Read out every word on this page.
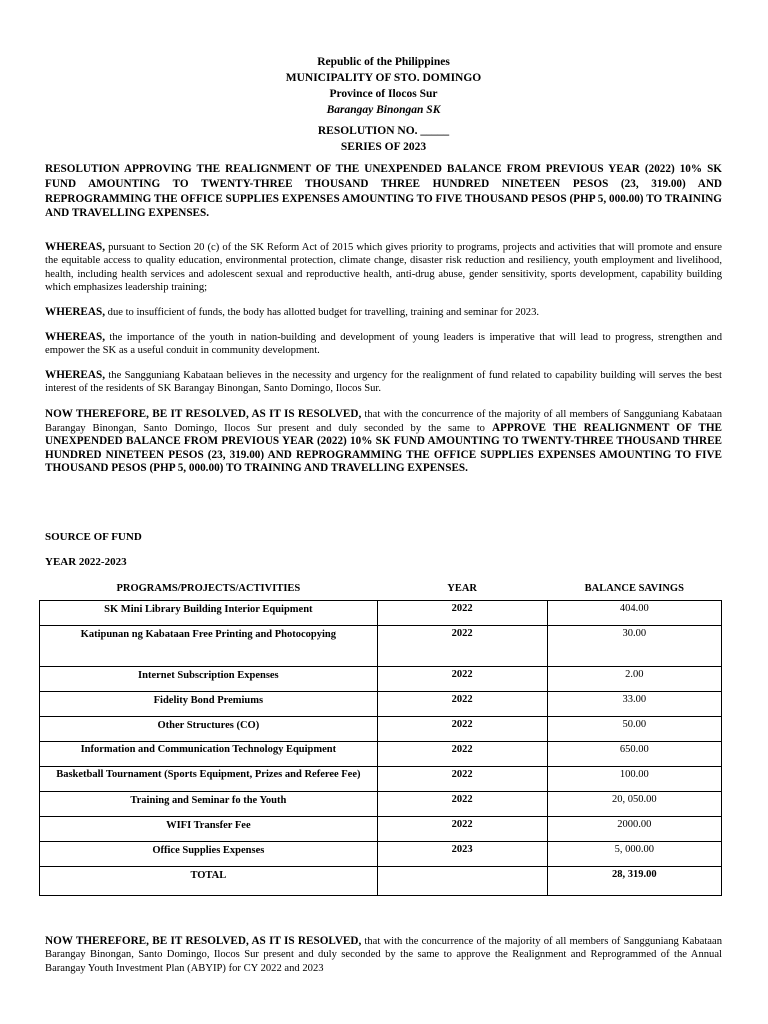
Republic of the Philippines
MUNICIPALITY OF STO. DOMINGO
Province of Ilocos Sur
Barangay Binongan SK
RESOLUTION NO. _____
SERIES OF 2023
RESOLUTION APPROVING THE REALIGNMENT OF THE UNEXPENDED BALANCE FROM PREVIOUS YEAR (2022) 10% SK FUND AMOUNTING TO TWENTY-THREE THOUSAND THREE HUNDRED NINETEEN PESOS (23, 319.00) AND REPROGRAMMING THE OFFICE SUPPLIES EXPENSES AMOUNTING TO FIVE THOUSAND PESOS (PHP 5, 000.00) TO TRAINING AND TRAVELLING EXPENSES.
WHEREAS, pursuant to Section 20 (c) of the SK Reform Act of 2015 which gives priority to programs, projects and activities that will promote and ensure the equitable access to quality education, environmental protection, climate change, disaster risk reduction and resiliency, youth employment and livelihood, health, including health services and adolescent sexual and reproductive health, anti-drug abuse, gender sensitivity, sports development, capability building which emphasizes leadership training;
WHEREAS, due to insufficient of funds, the body has allotted budget for travelling, training and seminar for 2023.
WHEREAS, the importance of the youth in nation-building and development of young leaders is imperative that will lead to progress, strengthen and empower the SK as a useful conduit in community development.
WHEREAS, the Sangguniang Kabataan believes in the necessity and urgency for the realignment of fund related to capability building will serves the best interest of the residents of SK Barangay Binongan, Santo Domingo, Ilocos Sur.
NOW THEREFORE, BE IT RESOLVED, AS IT IS RESOLVED, that with the concurrence of the majority of all members of Sangguniang Kabataan Barangay Binongan, Santo Domingo, Ilocos Sur present and duly seconded by the same to APPROVE THE REALIGNMENT OF THE UNEXPENDED BALANCE FROM PREVIOUS YEAR (2022) 10% SK FUND AMOUNTING TO TWENTY-THREE THOUSAND THREE HUNDRED NINETEEN PESOS (23, 319.00) AND REPROGRAMMING THE OFFICE SUPPLIES EXPENSES AMOUNTING TO FIVE THOUSAND PESOS (PHP 5, 000.00) TO TRAINING AND TRAVELLING EXPENSES.
SOURCE OF FUND
YEAR 2022-2023
PROGRAMS/PROJECTS/ACTIVITIES	YEAR	BALANCE SAVINGS
SK Mini Library Building Interior Equipment	2022	404.00
Katipunan ng Kabataan Free Printing and Photocopying	2022	30.00
Internet Subscription Expenses	2022	2.00
Fidelity Bond Premiums	2022	33.00
Other Structures (CO)	2022	50.00
Information and Communication Technology Equipment	2022	650.00
Basketball Tournament (Sports Equipment, Prizes and Referee Fee)	2022	100.00
Training and Seminar fo the Youth	2022	20, 050.00
WIFI Transfer Fee	2022	2000.00
Office Supplies Expenses	2023	5, 000.00
TOTAL		28, 319.00
NOW THEREFORE, BE IT RESOLVED, AS IT IS RESOLVED, that with the concurrence of the majority of all members of Sangguniang Kabataan Barangay Binongan, Santo Domingo, Ilocos Sur present and duly seconded by the same to approve the Realignment and Reprogrammed of the Annual Barangay Youth Investment Plan (ABYIP) for CY 2022 and 2023
